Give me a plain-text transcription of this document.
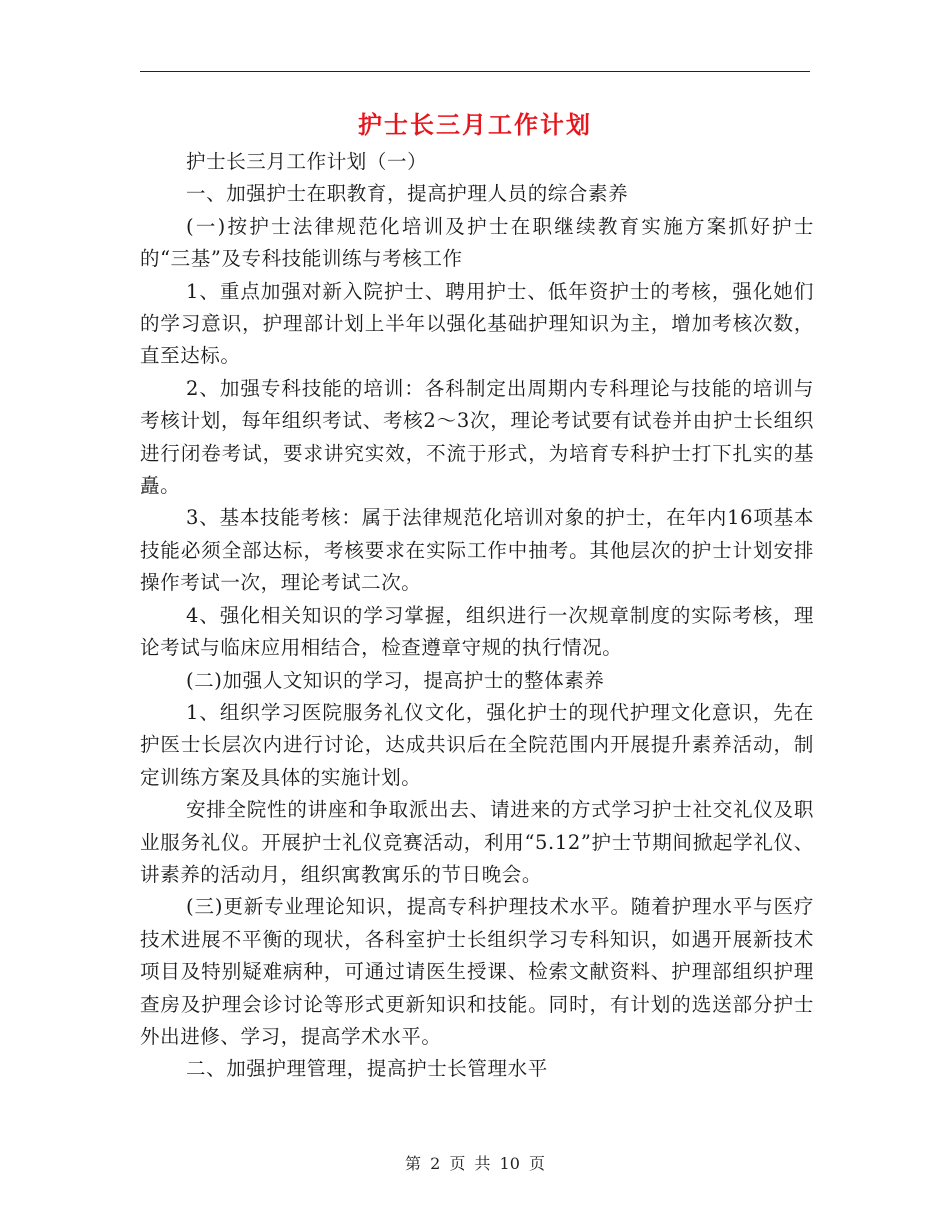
护士长三月工作计划

护士长三月工作计划（一）

一、加强护士在职教育，提高护理人员的综合素养

(一)按护士法律规范化培训及护士在职继续教育实施方案抓好护士的“三基”及专科技能训练与考核工作

1、重点加强对新入院护士、聘用护士、低年资护士的考核，强化她们的学习意识，护理部计划上半年以强化基础护理知识为主，增加考核次数，直至达标。

2、加强专科技能的培训：各科制定出周期内专科理论与技能的培训与考核计划，每年组织考试、考核2～3次，理论考试要有试卷并由护士长组织进行闭卷考试，要求讲究实效，不流于形式，为培育专科护士打下扎实的基矗。

3、基本技能考核：属于法律规范化培训对象的护士，在年内16项基本技能必须全部达标，考核要求在实际工作中抽考。其他层次的护士计划安排操作考试一次，理论考试二次。

4、强化相关知识的学习掌握，组织进行一次规章制度的实际考核，理论考试与临床应用相结合，检查遵章守规的执行情况。

(二)加强人文知识的学习，提高护士的整体素养

1、组织学习医院服务礼仪文化，强化护士的现代护理文化意识，先在护医士长层次内进行讨论，达成共识后在全院范围内开展提升素养活动，制定训练方案及具体的实施计划。

安排全院性的讲座和争取派出去、请进来的方式学习护士社交礼仪及职业服务礼仪。开展护士礼仪竞赛活动，利用“5.12”护士节期间掀起学礼仪、讲素养的活动月，组织寓教寓乐的节日晚会。

(三)更新专业理论知识，提高专科护理技术水平。随着护理水平与医疗技术进展不平衡的现状，各科室护士长组织学习专科知识，如遇开展新技术项目及特别疑难病种，可通过请医生授课、检索文献资料、护理部组织护理查房及护理会诊讨论等形式更新知识和技能。同时，有计划的选送部分护士外出进修、学习，提高学术水平。

二、加强护理管理，提高护士长管理水平

第 2 页 共 10 页
